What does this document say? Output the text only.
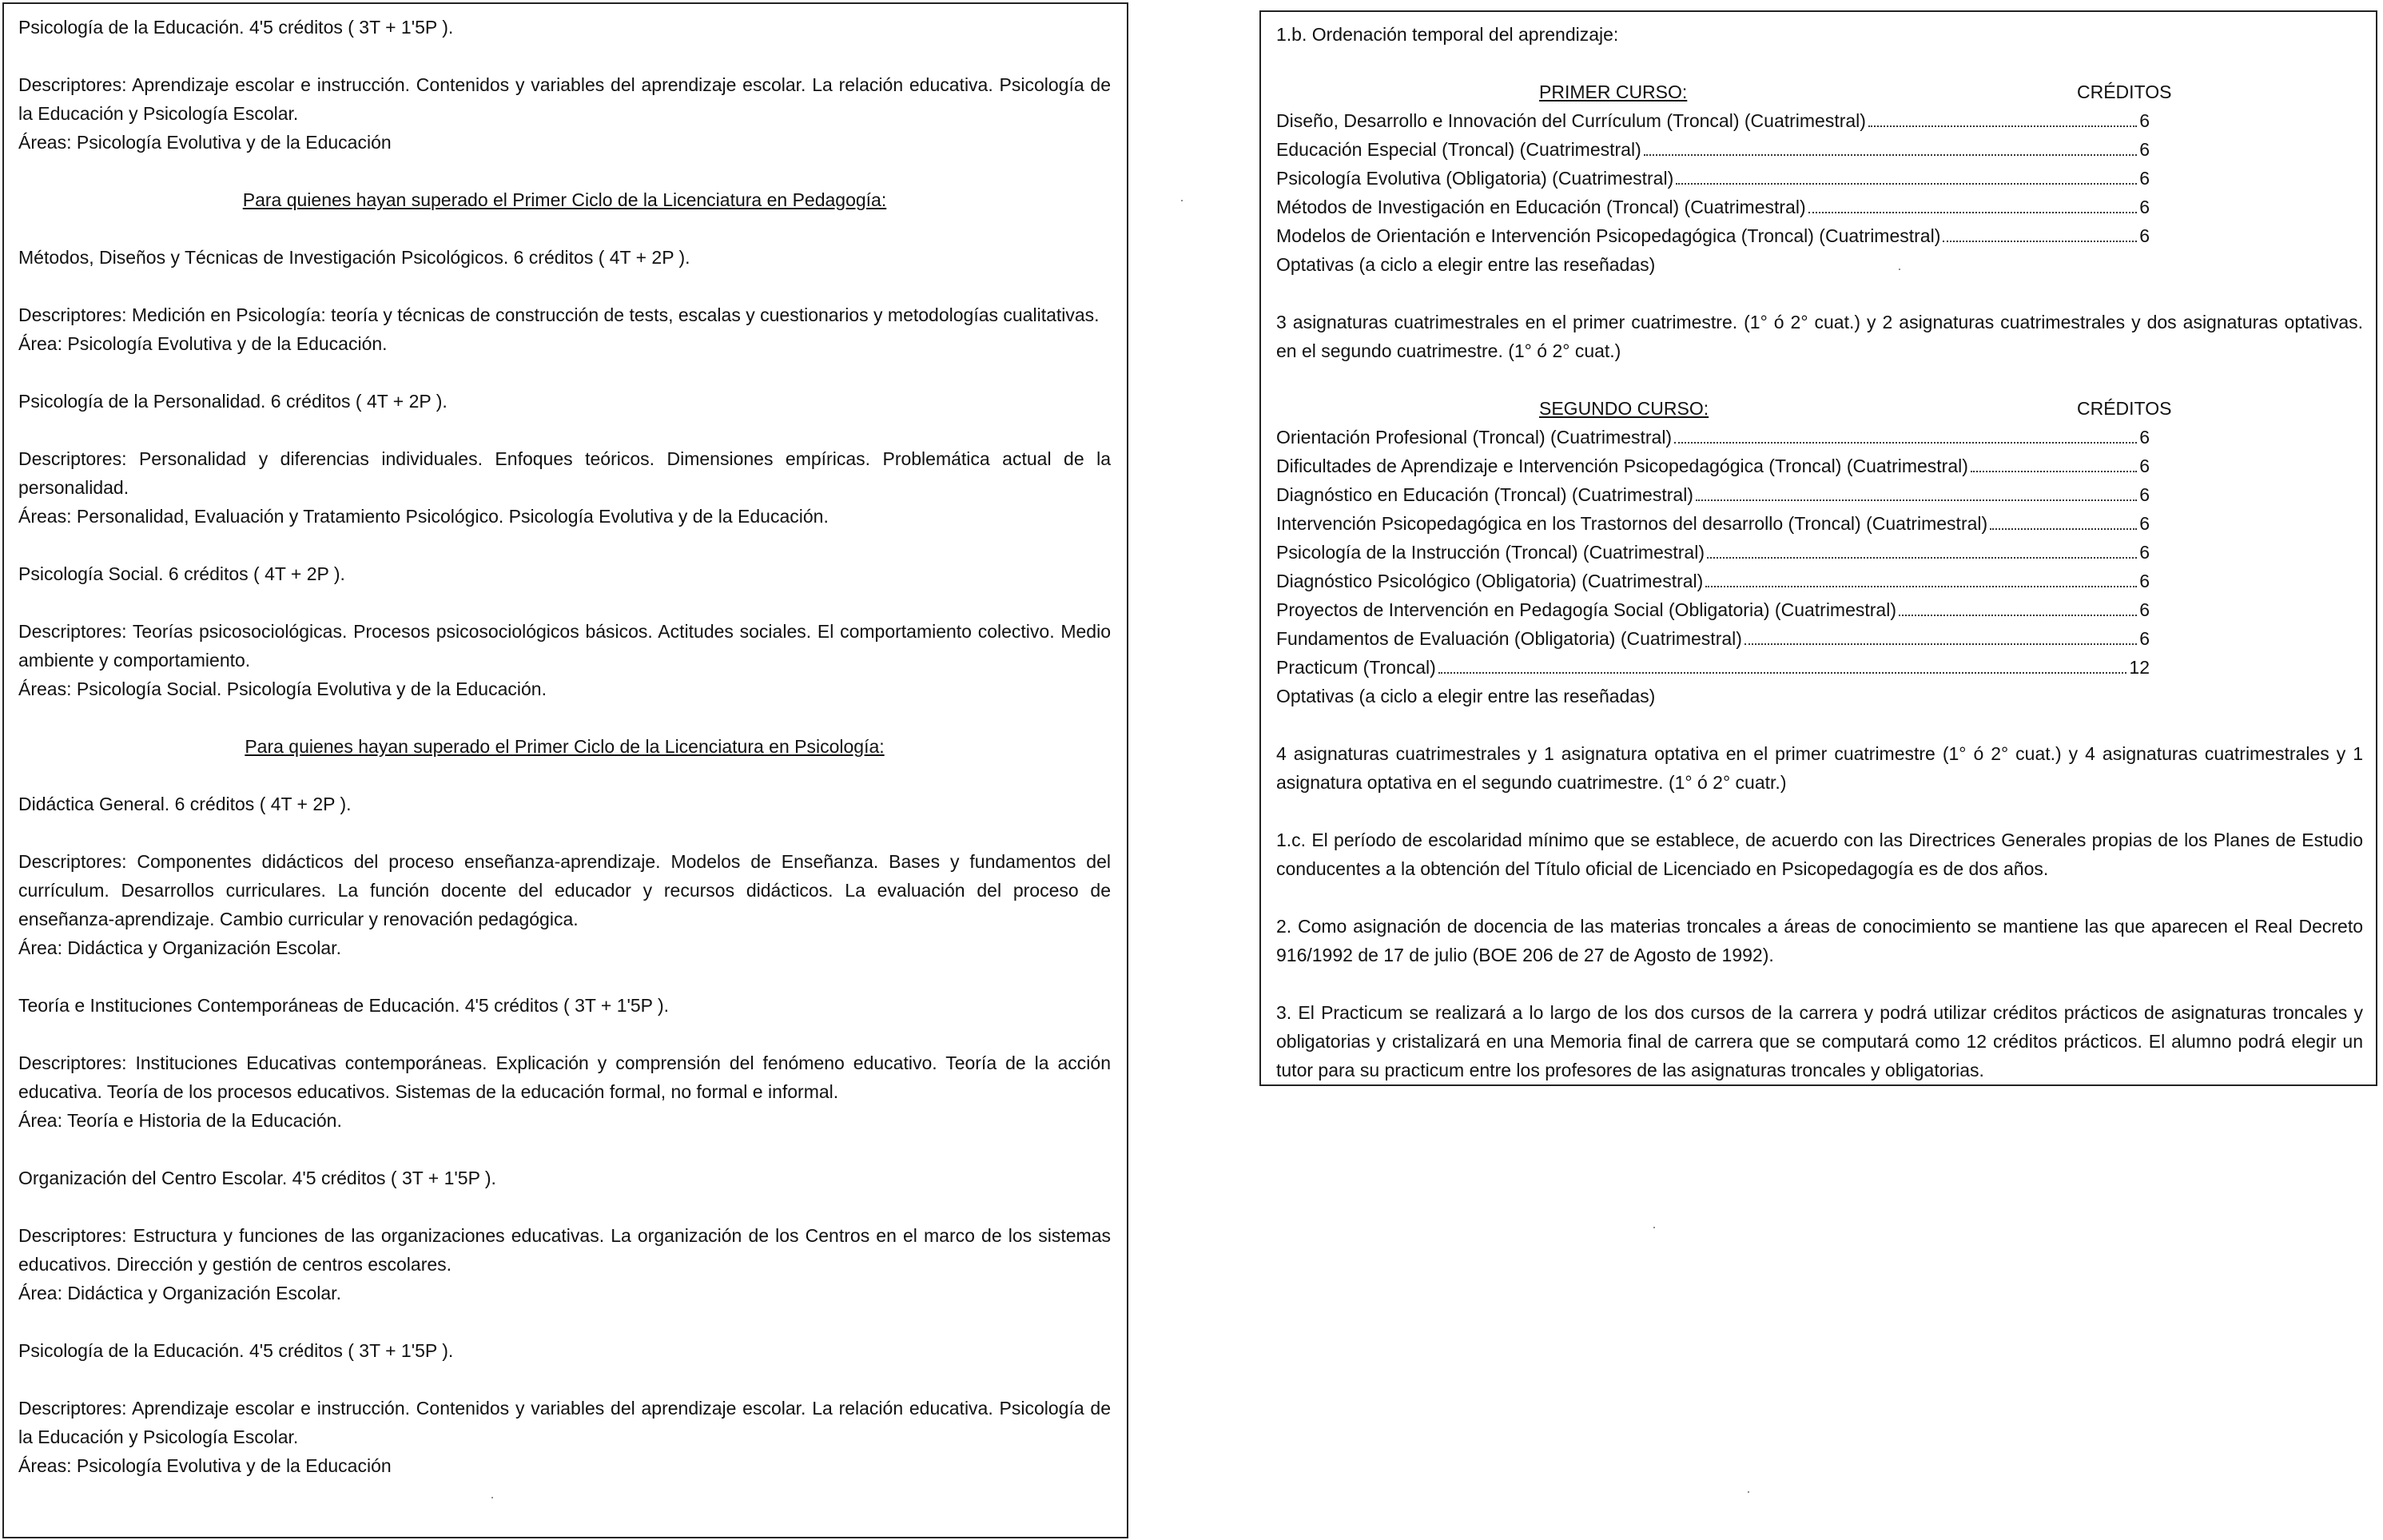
Psicología de la Educación. 4'5 créditos ( 3T + 1'5P ).
Descriptores: Aprendizaje escolar e instrucción. Contenidos y variables del aprendizaje escolar. La relación educativa. Psicología de la Educación y Psicología Escolar.
Áreas: Psicología Evolutiva y de la Educación
Para quienes hayan superado el Primer Ciclo de la Licenciatura en Pedagogía:
Métodos, Diseños y Técnicas de Investigación Psicológicos. 6 créditos ( 4T + 2P ).
Descriptores: Medición en Psicología: teoría y técnicas de construcción de tests, escalas y cuestionarios y metodologías cualitativas.
Área: Psicología Evolutiva y de la Educación.
Psicología de la Personalidad. 6 créditos ( 4T + 2P ).
Descriptores: Personalidad y diferencias individuales. Enfoques teóricos. Dimensiones empíricas. Problemática actual de la personalidad.
Áreas: Personalidad, Evaluación y Tratamiento Psicológico. Psicología Evolutiva y de la Educación.
Psicología Social. 6 créditos ( 4T + 2P ).
Descriptores: Teorías psicosociológicas. Procesos psicosociológicos básicos. Actitudes sociales. El comportamiento colectivo. Medio ambiente y comportamiento.
Áreas: Psicología Social. Psicología Evolutiva y de la Educación.
Para quienes hayan superado el Primer Ciclo de la Licenciatura en Psicología:
Didáctica General. 6 créditos ( 4T + 2P ).
Descriptores: Componentes didácticos del proceso enseñanza-aprendizaje. Modelos de Enseñanza. Bases y fundamentos del currículum. Desarrollos curriculares. La función docente del educador y recursos didácticos. La evaluación del proceso de enseñanza-aprendizaje. Cambio curricular y renovación pedagógica.
Área: Didáctica y Organización Escolar.
Teoría e Instituciones Contemporáneas de Educación. 4'5 créditos ( 3T + 1'5P ).
Descriptores: Instituciones Educativas contemporáneas. Explicación y comprensión del fenómeno educativo. Teoría de la acción educativa. Teoría de los procesos educativos. Sistemas de la educación formal, no formal e informal.
Área: Teoría e Historia de la Educación.
Organización del Centro Escolar. 4'5 créditos ( 3T + 1'5P ).
Descriptores: Estructura y funciones de las organizaciones educativas. La organización de los Centros en el marco de los sistemas educativos. Dirección y gestión de centros escolares.
Área: Didáctica y Organización Escolar.
Psicología de la Educación. 4'5 créditos ( 3T + 1'5P ).
Descriptores: Aprendizaje escolar e instrucción. Contenidos y variables del aprendizaje escolar. La relación educativa. Psicología de la Educación y Psicología Escolar.
Áreas: Psicología Evolutiva y de la Educación
1.b. Ordenación temporal del aprendizaje:
PRIMER CURSO:	CRÉDITOS
Diseño, Desarrollo e Innovación del Currículum (Troncal) (Cuatrimestral)	6
Educación Especial (Troncal) (Cuatrimestral)	6
Psicología Evolutiva (Obligatoria) (Cuatrimestral)	6
Métodos de Investigación en Educación (Troncal) (Cuatrimestral)	6
Modelos de Orientación e Intervención Psicopedagógica (Troncal) (Cuatrimestral)	6
Optativas (a ciclo a elegir entre las reseñadas)
3 asignaturas cuatrimestrales en el primer cuatrimestre. (1° ó 2° cuat.) y 2 asignaturas cuatrimestrales y dos asignaturas optativas. en el segundo cuatrimestre. (1° ó 2° cuat.)
SEGUNDO CURSO:	CRÉDITOS
Orientación Profesional (Troncal) (Cuatrimestral)	6
Dificultades de Aprendizaje e Intervención Psicopedagógica (Troncal) (Cuatrimestral)	6
Diagnóstico en Educación (Troncal) (Cuatrimestral)	6
Intervención Psicopedagógica en los Trastornos del desarrollo (Troncal) (Cuatrimestral)	6
Psicología de la Instrucción (Troncal) (Cuatrimestral)	6
Diagnóstico Psicológico (Obligatoria) (Cuatrimestral)	6
Proyectos de Intervención en Pedagogía Social (Obligatoria) (Cuatrimestral)	6
Fundamentos de Evaluación (Obligatoria) (Cuatrimestral)	6
Practicum (Troncal)	12
Optativas (a ciclo a elegir entre las reseñadas)
4 asignaturas cuatrimestrales y 1 asignatura optativa en el primer cuatrimestre (1° ó 2° cuat.) y 4 asignaturas cuatrimestrales y 1 asignatura optativa en el segundo cuatrimestre. (1° ó 2° cuatr.)
1.c. El período de escolaridad mínimo que se establece, de acuerdo con las Directrices Generales propias de los Planes de Estudio conducentes a la obtención del Título oficial de Licenciado en Psicopedagogía es de dos años.
2. Como asignación de docencia de las materias troncales a áreas de conocimiento se mantiene las que aparecen el Real Decreto 916/1992 de 17 de julio (BOE 206 de 27 de Agosto de 1992).
3. El Practicum se realizará a lo largo de los dos cursos de la carrera y podrá utilizar créditos prácticos de asignaturas troncales y obligatorias y cristalizará en una Memoria final de carrera que se computará como 12 créditos prácticos. El alumno podrá elegir un tutor para su practicum entre los profesores de las asignaturas troncales y obligatorias.
